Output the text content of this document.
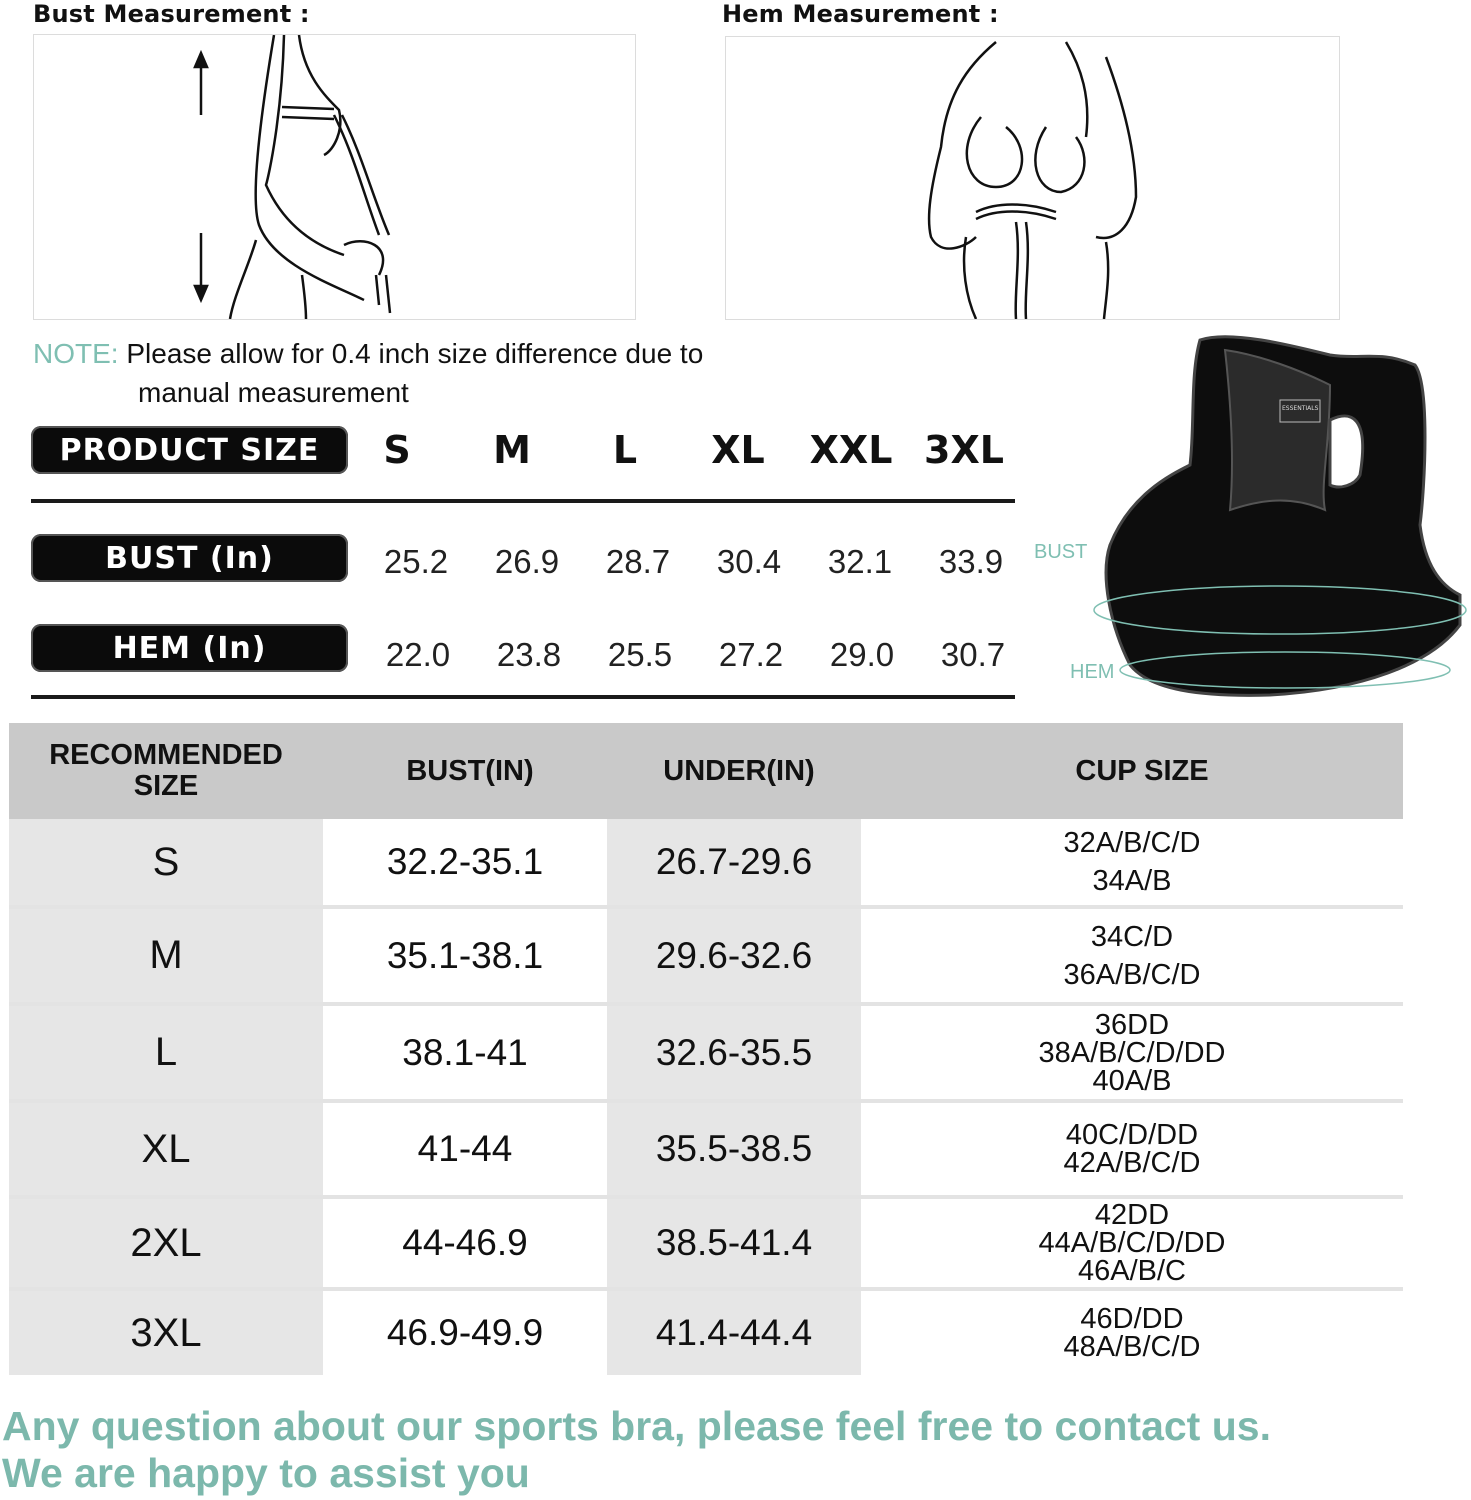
Bust Measurement :	Hem Measurement :
NOTE: Please allow for 0.4 inch size difference due to
manual measurement
PRODUCT SIZE	S	M	L	XL	XXL 3XL
BUST (In)	25.2	26.9	28.7	30.4	32.1	33.9
HEM (In)	22.0	23.8	25.5	27.2	29.0	30.7
ESSENTIALS
BUST
HEM
RECOMMENDED SIZE	BUST(IN)	UNDER(IN)	CUP SIZE
S	32.2-35.1	26.7-29.6	32A/B/C/D
34A/B
M	35.1-38.1	29.6-32.6	34C/D
36A/B/C/D
L	38.1-41	32.6-35.5
36DD
38A/B/C/D/DD
40A/B
XL	41-44	35.5-38.5	40C/D/DD
42A/B/C/D
2XL	44-46.9	38.5-41.4
42DD
44A/B/C/D/DD
46A/B/C
3XL	46.9-49.9	41.4-44.4	46D/DD
48A/B/C/D
Any question about our sports bra, please feel free to contact us.
We are happy to assist you
